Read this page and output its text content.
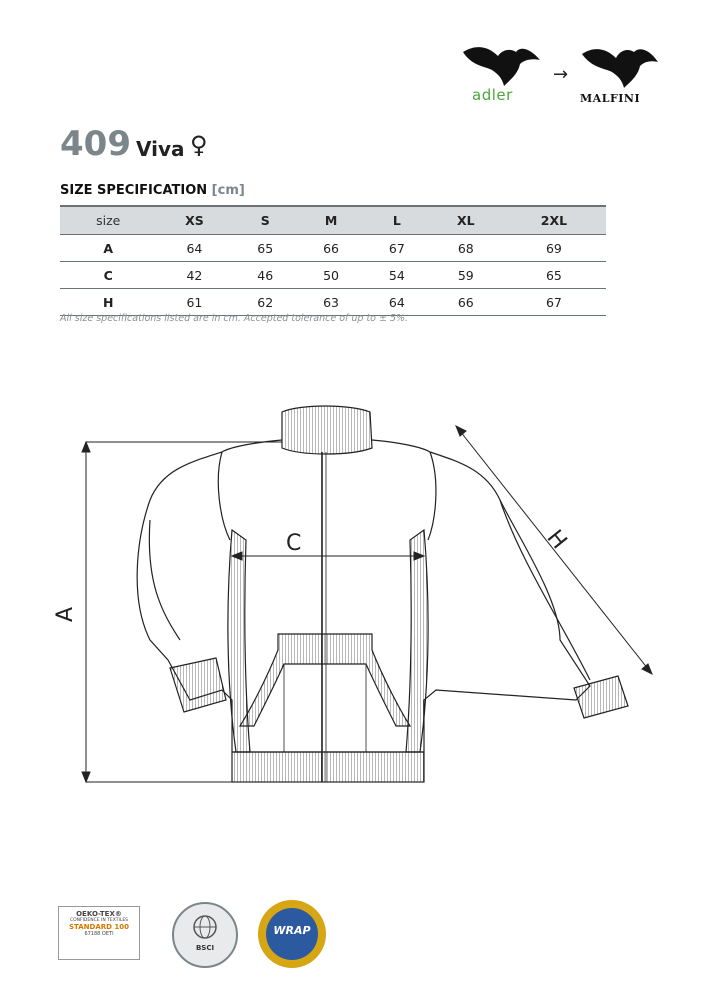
adler
→
MALFINI
409 Viva ♀
SIZE SPECIFICATION [cm]
size	XS	S	M	L	XL	2XL
A	64	65	66	67	68	69
C	42	46	50	54	59	65
H	61	62	63	64	66	67
All size specifications listed are in cm. Accepted tolerance of up to ± 5%.
A
C	H
OEKO-TEX®
CONFIDENCE IN TEXTILES
STANDARD 100
67188 OETI
BSCI
WRAP
